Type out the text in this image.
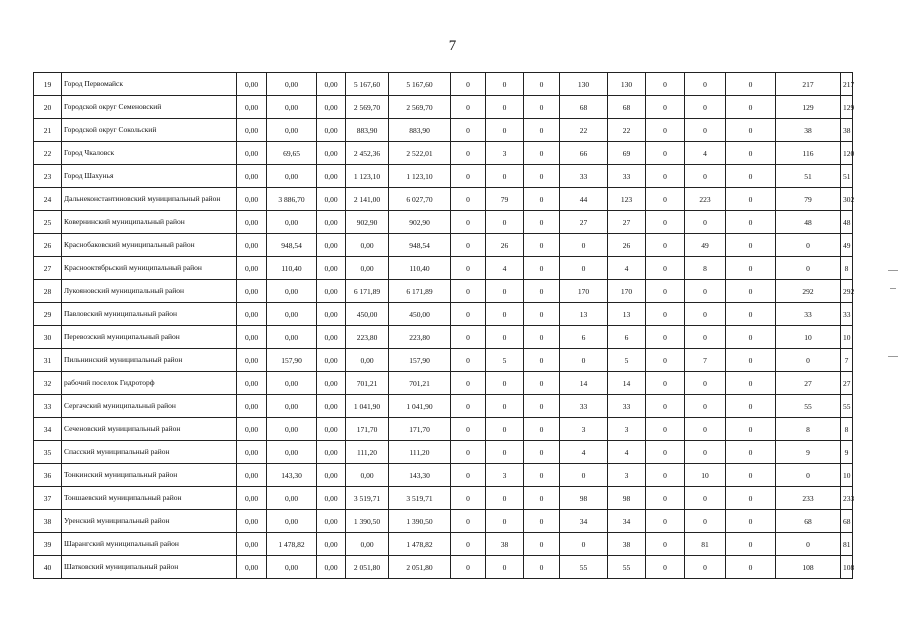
7
19	Город Первомайск	0,00	0,00	0,00	5 167,60	5 167,60	0	0	0	130	130	0	0	0	217	217
20	Городской округ Семеновский	0,00	0,00	0,00	2 569,70	2 569,70	0	0	0	68	68	0	0	0	129	129
21	Городской округ Сокольский	0,00	0,00	0,00	883,90	883,90	0	0	0	22	22	0	0	0	38	38
22	Город Чкаловск	0,00	69,65	0,00	2 452,36	2 522,01	0	3	0	66	69	0	4	0	116	120
23	Город Шахунья	0,00	0,00	0,00	1 123,10	1 123,10	0	0	0	33	33	0	0	0	51	51
24	Дальнеконстантиновский муниципальный район	0,00	3 886,70	0,00	2 141,00	6 027,70	0	79	0	44	123	0	223	0	79	302
25	Ковернинский муниципальный район	0,00	0,00	0,00	902,90	902,90	0	0	0	27	27	0	0	0	48	48
26	Краснобаковский муниципальный район	0,00	948,54	0,00	0,00	948,54	0	26	0	0	26	0	49	0	0	49
27	Краснооктябрьский муниципальный район	0,00	110,40	0,00	0,00	110,40	0	4	0	0	4	0	8	0	0	8
28	Лукояновский муниципальный район	0,00	0,00	0,00	6 171,89	6 171,89	0	0	0	170	170	0	0	0	292	292
29	Павловский муниципальный район	0,00	0,00	0,00	450,00	450,00	0	0	0	13	13	0	0	0	33	33
30	Перевозский муниципальный район	0,00	0,00	0,00	223,80	223,80	0	0	0	6	6	0	0	0	10	10
31	Пильнинский муниципальный район	0,00	157,90	0,00	0,00	157,90	0	5	0	0	5	0	7	0	0	7
32	рабочий поселок Гидроторф	0,00	0,00	0,00	701,21	701,21	0	0	0	14	14	0	0	0	27	27
33	Сергачский муниципальный район	0,00	0,00	0,00	1 041,90	1 041,90	0	0	0	33	33	0	0	0	55	55
34	Сеченовский муниципальный район	0,00	0,00	0,00	171,70	171,70	0	0	0	3	3	0	0	0	8	8
35	Спасский муниципальный район	0,00	0,00	0,00	111,20	111,20	0	0	0	4	4	0	0	0	9	9
36	Тонкинский муниципальный район	0,00	143,30	0,00	0,00	143,30	0	3	0	0	3	0	10	0	0	10
37	Тоншаевский муниципальный район	0,00	0,00	0,00	3 519,71	3 519,71	0	0	0	98	98	0	0	0	233	233
38	Уренский муниципальный район	0,00	0,00	0,00	1 390,50	1 390,50	0	0	0	34	34	0	0	0	68	68
39	Шарангский муниципальный район	0,00	1 478,82	0,00	0,00	1 478,82	0	38	0	0	38	0	81	0	0	81
40	Шатковский муниципальный район	0,00	0,00	0,00	2 051,80	2 051,80	0	0	0	55	55	0	0	0	108	108
